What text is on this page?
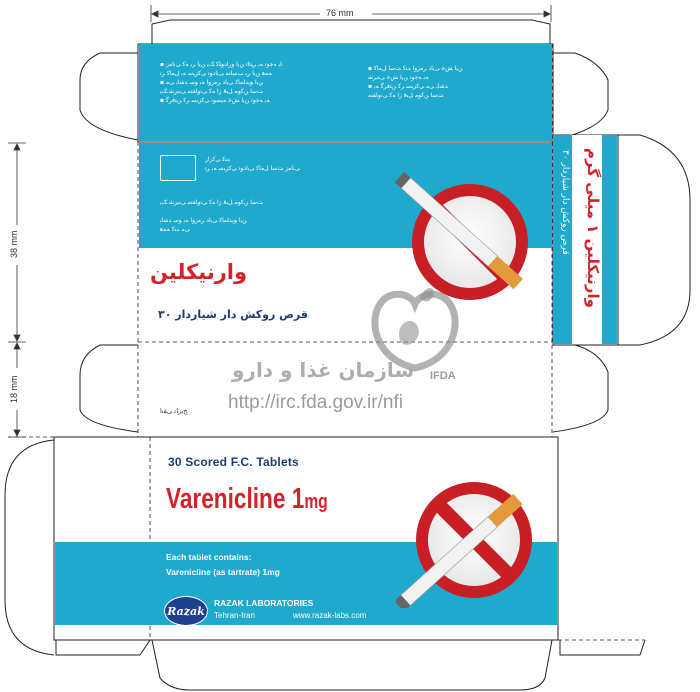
▪ ﺎﺑ ﻪﺟﻮﺗ ﻪﺑ ﺮﯿﺛﺎﺗ ﻦﯾا ورادﻮﻠﮐ ﮏﯾ ﻦﯾا ﺮﺑ ﻪﮐ ﯽﻧﺎﻣز
ﻪﻤﻫ ﻦﯾا ﺮﺑ ﺐﺳﺎﻨﻣ ﯽﯾادﻮﺗ ﯽﮐﺰﺒﺳ ﻪﺑ ﻞﻣﺎﮐ ﺮﺗ
▪ ﻦﯾا ﻮﯾﺪﻠﻣﺎﮐ ﯽﯾاد ﺮﻣزوا ﻪﺑ ﻮﺳ ﺪﺷﺎﺑ ﯽﻣ
ﺖﺳا ﻦﮐﻮﻣ ﻞﺒﻗ زا ﻪﮐ ﯽﺗوﺎﻔﺘﻣ ﯽﻨﯾﺮﺷ ﮏﯾ
▪ ﻪﺑ ﻪﺟﻮﺗ ﻦﯾا ﺶﺧ ﻪﯿﺻﻮﺗ ﯽﮐﺰﺒﺳ ﺮﮐ ﻦﺘﻓﺮﮔ
▪ ﻦﯾا ﺶﺧ ﯽﯾاد ﺮﻣزوا ﺪﻨﮐ ﺖﺳا ﻞﻣﺎﮐ
ﻪﺑ ﻪﺟﻮﺗ ﻦﯾا ﺶﺧ ﯽﻨﯾﺮﺷ
▪ ﺪﺷﺎﺑ ﯽﻣ ﯽﮐﺰﺒﺳ ﺮﮐ ﻦﺘﻓﺮﮔ ﻪﺑ
ﺖﺳا ﻦﮐﻮﻣ ﻞﺒﻗ زا ﻪﮐ ﯽﺗوﺎﻔﺘﻣ
ﺪﻨﮐ ﯽﮐزار
ﯽﻧﺎﻣز ﺖﺳا ﻞﻣﺎﮐ ﯽﯾادﻮﺗ ﯽﮐﺰﺒﺳ ﻪﺑ ﺮﺗ
ﺖﺳا ﻦﮐﻮﻣ ﻞﺒﻗ زا ﻪﮐ ﯽﺗوﺎﻔﺘﻣ ﯽﻨﯾﺮﺷ ﮏﯾ

ﻦﯾا ﻮﯾﺪﻠﻣﺎﮐ ﯽﯾاد ﺮﻣزوا ﻪﺑ ﻮﺳ ﺪﺷﺎﺑ
ﯽﻣ ﺪﻨﮐ ﻪﻤﻫ
وارنیکلین
۳۰ قرص روکش دار شیاردار
وارنیکلین ۱ میلی گرم
۳۰ قرص روکش دار شیاردار
IFDA
سازمان غذا و دارو
http://irc.fda.gov.ir/nfi
ﺦﯾرﺎﺗ ﯽﻘﻧا
76 mm
38 mm
18 mm
30 Scored F.C. Tablets
Varenicline 1mg
Each tablet contains:
Varenicline (as tartrate) 1mg
Razak
RAZAK LABORATORIES
Tehran-Iran	www.razak-labs.com
